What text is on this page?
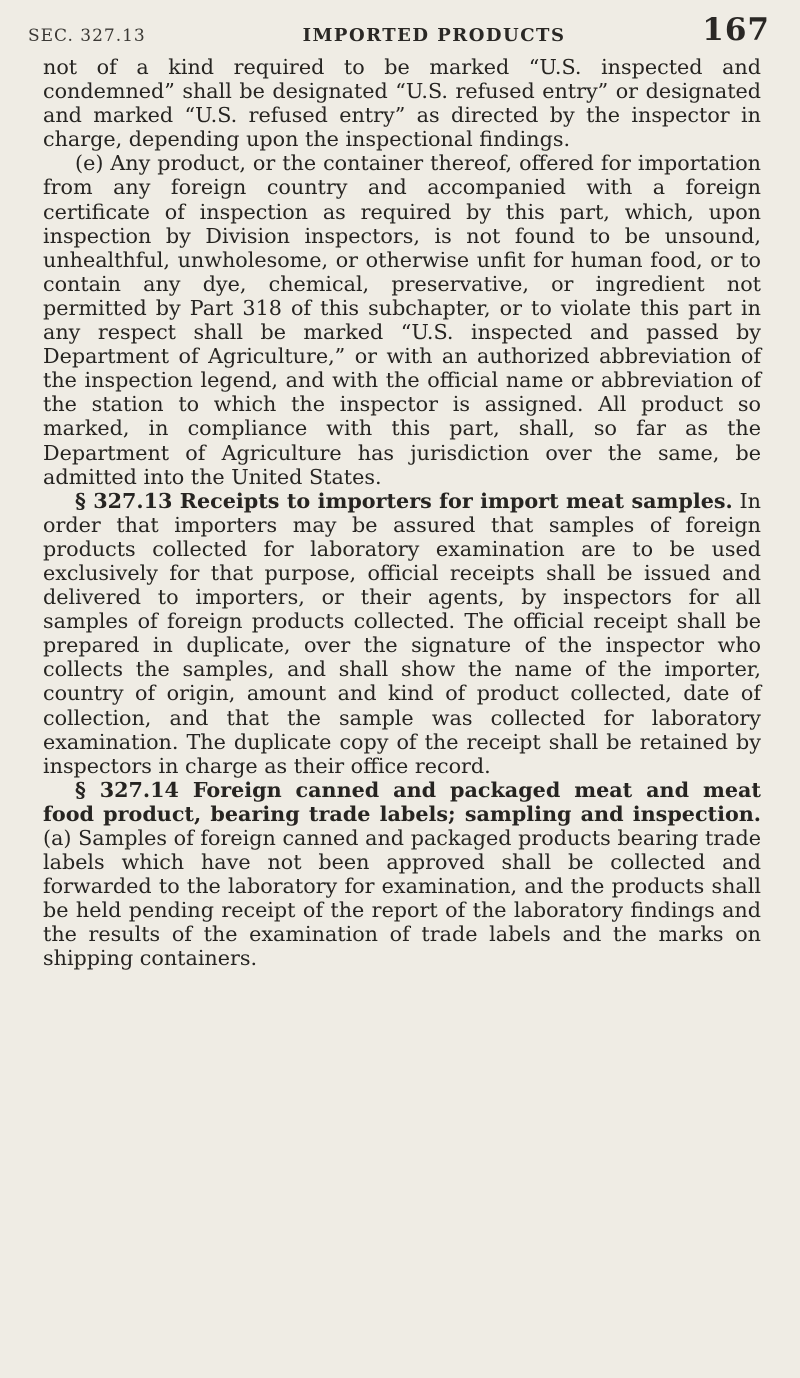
SEC. 327.13	IMPORTED PRODUCTS	167

not of a kind required to be marked “U.S. inspected and condemned” shall be designated “U.S. refused entry” or designated and marked “U.S. refused entry” as directed by the inspector in charge, depending upon the inspectional findings.

(e) Any product, or the container thereof, offered for importation from any foreign country and accompanied with a foreign certificate of inspection as required by this part, which, upon inspection by Division inspectors, is not found to be unsound, unhealthful, unwholesome, or otherwise unfit for human food, or to contain any dye, chemical, preservative, or ingredient not permitted by Part 318 of this subchapter, or to violate this part in any respect shall be marked “U.S. inspected and passed by Department of Agriculture,” or with an authorized abbreviation of the inspection legend, and with the official name or abbreviation of the station to which the inspector is assigned. All product so marked, in compliance with this part, shall, so far as the Department of Agriculture has jurisdiction over the same, be admitted into the United States.

§ 327.13 Receipts to importers for import meat samples. In order that importers may be assured that samples of foreign products collected for laboratory examination are to be used exclusively for that purpose, official receipts shall be issued and delivered to importers, or their agents, by inspectors for all samples of foreign products collected. The official receipt shall be prepared in duplicate, over the signature of the inspector who collects the samples, and shall show the name of the importer, country of origin, amount and kind of product collected, date of collection, and that the sample was collected for laboratory examination. The duplicate copy of the receipt shall be retained by inspectors in charge as their office record.

§ 327.14 Foreign canned and packaged meat and meat food product, bearing trade labels; sampling and inspection. (a) Samples of foreign canned and packaged products bearing trade labels which have not been approved shall be collected and forwarded to the laboratory for examination, and the products shall be held pending receipt of the report of the laboratory findings and the results of the examination of trade labels and the marks on shipping containers.
